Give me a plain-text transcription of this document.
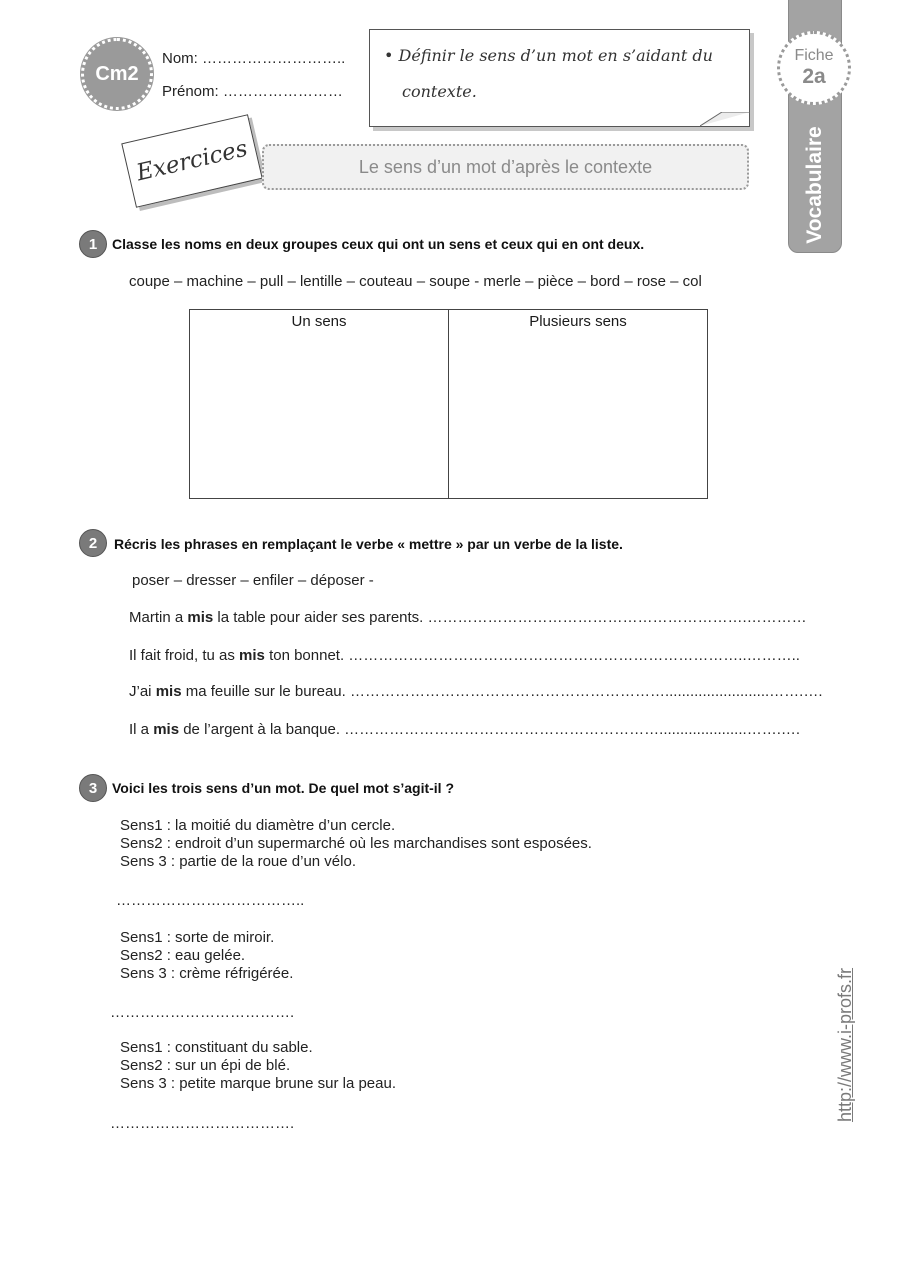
Cm2
Nom: ………………………..
Prénom: ……………………
• Définir le sens d’un mot en s’aidant du contexte.
Exercices	Le sens d’un mot d’après le contexte	Vocabulaire
Fiche
2a
1	Classe les noms en deux groupes ceux qui ont un sens et ceux qui en ont deux.
coupe – machine – pull – lentille – couteau – soupe - merle – pièce – bord – rose – col
Un sens	Plusieurs sens
2	Récris les phrases en remplaçant le verbe « mettre » par un verbe de la liste.
poser – dresser – enfiler – déposer -
Martin a mis la table pour aider ses parents. ……………………………………………………….…………
Il fait froid, tu as mis ton bonnet. ……………………………………………………………………..………..
J’ai mis ma feuille sur le bureau. ……………………………………………………….........................…….….
Il a mis de l’argent à la banque. ……………………………………………………….....................…….….
3	Voici les trois sens d’un mot. De quel mot s’agit-il ?
Sens1 : la moitié du diamètre d’un cercle.
Sens2 : endroit d’un supermarché où les marchandises sont esposées.
Sens 3 : partie de la roue d’un vélo.
………………………………..
Sens1 : sorte de miroir.
Sens2 : eau gelée.
Sens 3 : crème réfrigérée.
……………………………….
Sens1 : constituant du sable.
Sens2 : sur un épi de blé.
Sens 3 : petite marque brune sur la peau.
……………………………….
http://www.i-profs.fr
